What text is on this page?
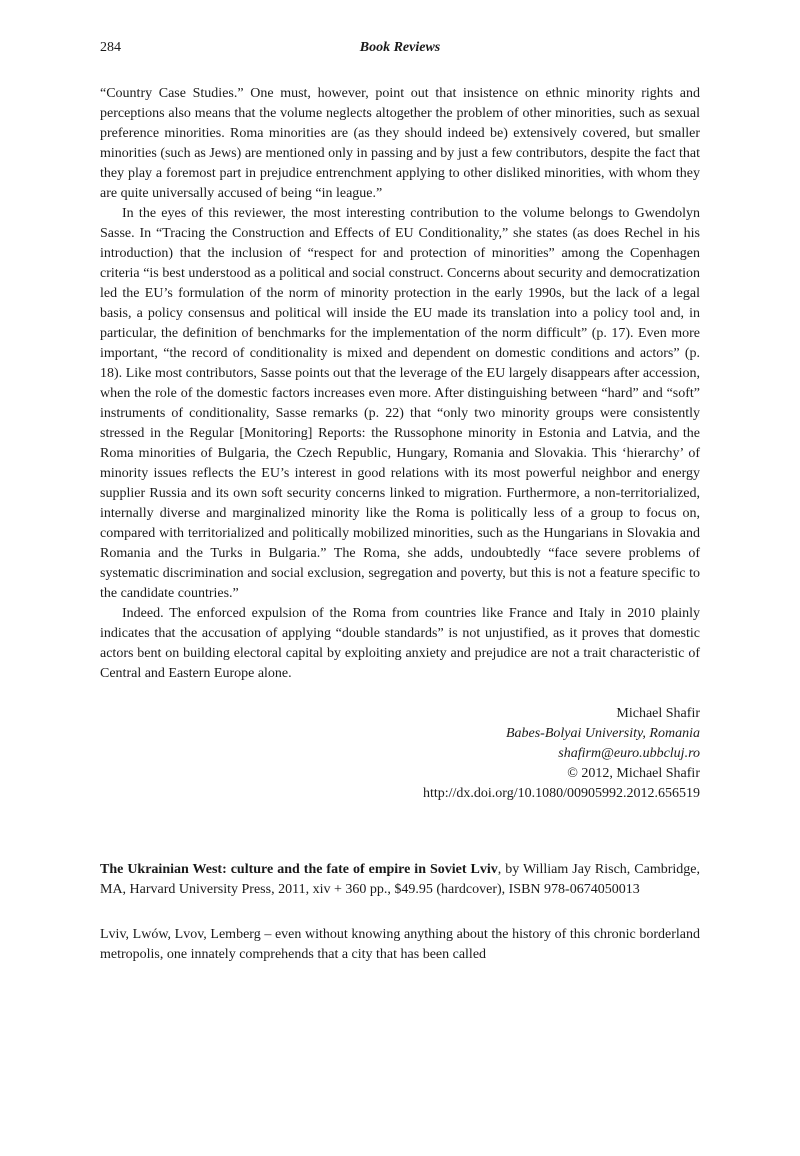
284	Book Reviews

“Country Case Studies.” One must, however, point out that insistence on ethnic minority rights and perceptions also means that the volume neglects altogether the problem of other minorities, such as sexual preference minorities. Roma minorities are (as they should indeed be) extensively covered, but smaller minorities (such as Jews) are mentioned only in passing and by just a few contributors, despite the fact that they play a foremost part in prejudice entrenchment applying to other disliked minorities, with whom they are quite universally accused of being “in league.”

In the eyes of this reviewer, the most interesting contribution to the volume belongs to Gwendolyn Sasse. In “Tracing the Construction and Effects of EU Conditionality,” she states (as does Rechel in his introduction) that the inclusion of “respect for and protection of minorities” among the Copenhagen criteria “is best understood as a political and social construct. Concerns about security and democratization led the EU’s formulation of the norm of minority protection in the early 1990s, but the lack of a legal basis, a policy consensus and political will inside the EU made its translation into a policy tool and, in particular, the definition of benchmarks for the implementation of the norm difficult” (p. 17). Even more important, “the record of conditionality is mixed and dependent on domestic conditions and actors” (p. 18). Like most contributors, Sasse points out that the leverage of the EU largely disappears after accession, when the role of the domestic factors increases even more. After distinguishing between “hard” and “soft” instruments of conditionality, Sasse remarks (p. 22) that “only two minority groups were consistently stressed in the Regular [Monitoring] Reports: the Russophone minority in Estonia and Latvia, and the Roma minorities of Bulgaria, the Czech Republic, Hungary, Romania and Slovakia. This ‘hierarchy’ of minority issues reflects the EU’s interest in good relations with its most powerful neighbor and energy supplier Russia and its own soft security concerns linked to migration. Furthermore, a non-territorialized, internally diverse and marginalized minority like the Roma is politically less of a group to focus on, compared with territorialized and politically mobilized minorities, such as the Hungarians in Slovakia and Romania and the Turks in Bulgaria.” The Roma, she adds, undoubtedly “face severe problems of systematic discrimination and social exclusion, segregation and poverty, but this is not a feature specific to the candidate countries.”

Indeed. The enforced expulsion of the Roma from countries like France and Italy in 2010 plainly indicates that the accusation of applying “double standards” is not unjustified, as it proves that domestic actors bent on building electoral capital by exploiting anxiety and prejudice are not a trait characteristic of Central and Eastern Europe alone.

Michael Shafir
Babes-Bolyai University, Romania
shafirm@euro.ubbcluj.ro
© 2012, Michael Shafir
http://dx.doi.org/10.1080/00905992.2012.656519

The Ukrainian West: culture and the fate of empire in Soviet Lviv, by William Jay Risch, Cambridge, MA, Harvard University Press, 2011, xiv + 360 pp., $49.95 (hardcover), ISBN 978-0674050013

Lviv, Lwów, Lvov, Lemberg – even without knowing anything about the history of this chronic borderland metropolis, one innately comprehends that a city that has been called
